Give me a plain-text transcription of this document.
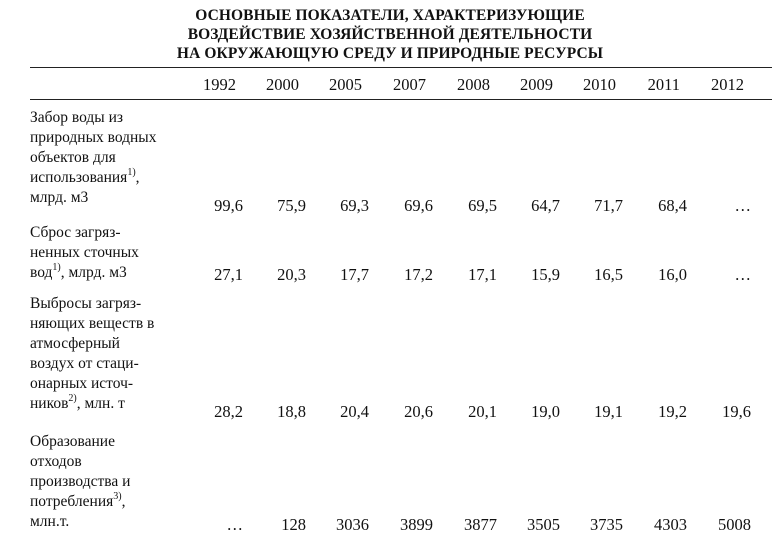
ОСНОВНЫЕ ПОКАЗАТЕЛИ, ХАРАКТЕРИЗУЮЩИЕ
ВОЗДЕЙСТВИЕ ХОЗЯЙСТВЕННОЙ ДЕЯТЕЛЬНОСТИ
НА ОКРУЖАЮЩУЮ СРЕДУ И ПРИРОДНЫЕ РЕСУРСЫ
1992	2000	2005	2007	2008	2009	2010	2011	2012
Забор воды из
природных водных
объектов для
использования$^{1)}$,
млрд. м3	99,6	75,9	69,3	69,6	69,5	64,7	71,7	68,4	…
Сброс загряз-
ненных сточных
вод$^{1)}$, млрд. м3	27,1	20,3	17,7	17,2	17,1	15,9	16,5	16,0	…
Выбросы загряз-
няющих веществ в
атмосферный
воздух от стаци-
онарных источ-
ников$^{2)}$, млн. т	28,2	18,8	20,4	20,6	20,1	19,0	19,1	19,2	19,6
Образование
отходов
производства и
потребления$^{3)}$,
млн.т.	…	128	3036	3899	3877	3505	3735	4303	5008
